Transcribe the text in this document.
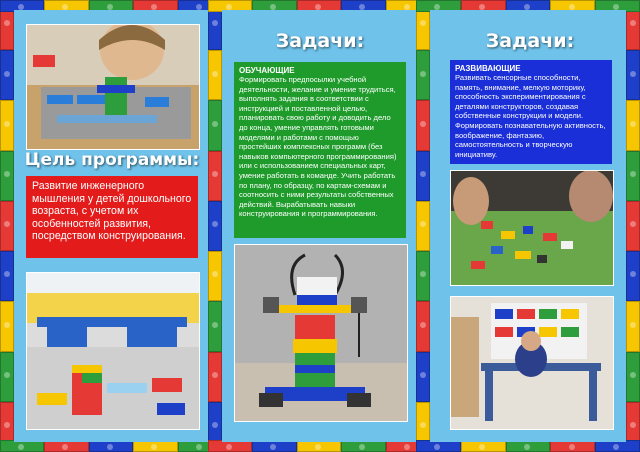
Цель программы:
Развитие инженерного мышления у детей дошкольного возраста, с учетом их особенностей развития, посредством конструирования.
Задачи:
ОБУЧАЮЩИЕ
Формировать предпосылки учебной деятельности, желание и умение трудиться, выполнять задания в соответствии с инструкцией и поставленной целью, планировать свою работу и доводить дело до конца, умение управлять готовыми моделями и работами с помощью простейших комплексных программ (без навыков компьютерного программирования) или с использованием специальных карт, умение работать в команде. Учить работать по плану, по образцу, по картам-схемам и соотносить с ними результаты собственных действий. Вырабатывать навыки конструирования и программирования.
Задачи:
РАЗВИВАЮЩИЕ
Развивать сенсорные способности, память, внимание, мелкую моторику, способность экспериментирования с деталями конструкторов, создавая собственные конструкции и модели. Формировать познавательную активность, воображение, фантазию, самостоятельность и творческую инициативу.
